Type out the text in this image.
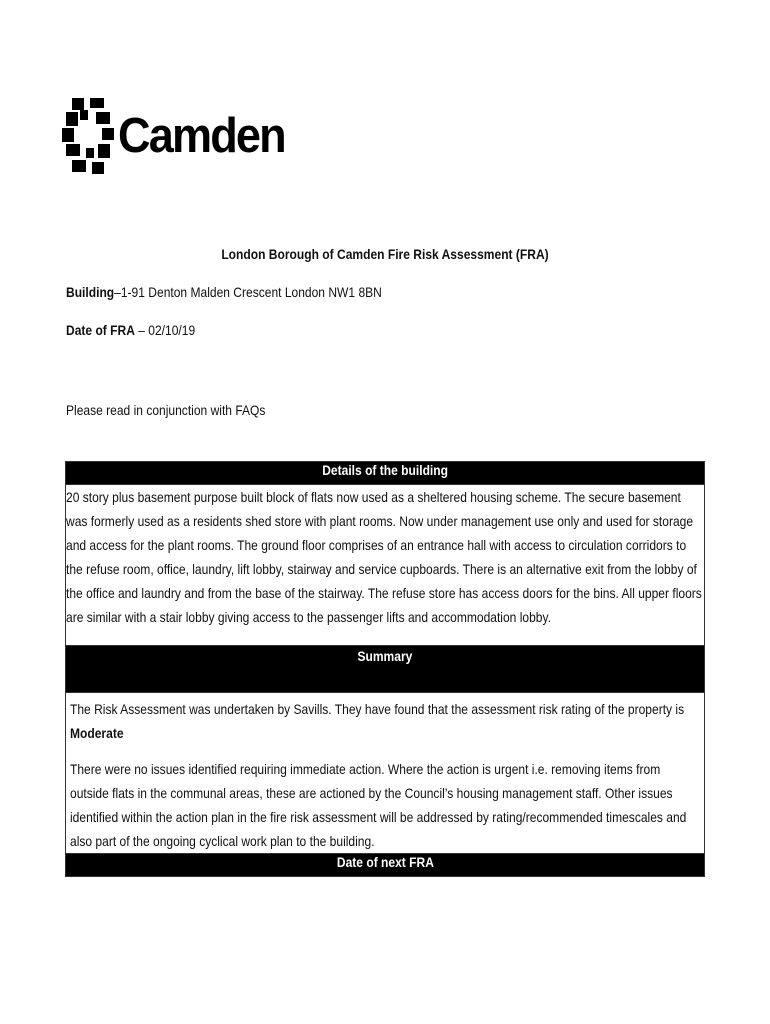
Camden
London Borough of Camden Fire Risk Assessment (FRA)
Building–1-91 Denton Malden Crescent London NW1 8BN
Date of FRA – 02/10/19
Please read in conjunction with FAQs
Details of the building

20 story plus basement purpose built block of flats now used as a sheltered housing scheme. The secure basement was formerly used as a residents shed store with plant rooms. Now under management use only and used for storage and access for the plant rooms. The ground floor comprises of an entrance hall with access to circulation corridors to the refuse room, office, laundry, lift lobby, stairway and service cupboards. There is an alternative exit from the lobby of the office and laundry and from the base of the stairway. The refuse store has access doors for the bins. All upper floors are similar with a stair lobby giving access to the passenger lifts and accommodation lobby.

Summary

The Risk Assessment was undertaken by Savills. They have found that the assessment risk rating of the property is Moderate
There were no issues identified requiring immediate action. Where the action is urgent i.e. removing items from outside flats in the communal areas, these are actioned by the Council’s housing management staff. Other issues identified within the action plan in the fire risk assessment will be addressed by rating/recommended timescales and also part of the ongoing cyclical work plan to the building.

Date of next FRA
